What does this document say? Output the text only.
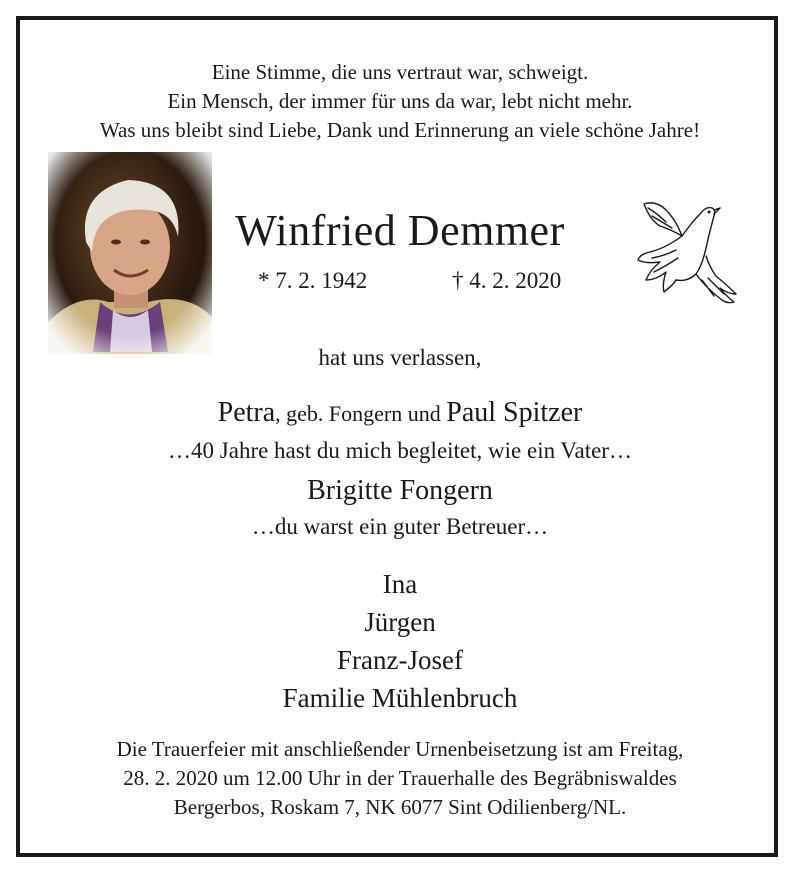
Eine Stimme, die uns vertraut war, schweigt.
Ein Mensch, der immer für uns da war, lebt nicht mehr.
Was uns bleibt sind Liebe, Dank und Erinnerung an viele schöne Jahre!
Winfried Demmer
* 7. 2. 1942	† 4. 2. 2020
hat uns verlassen,
Petra, geb. Fongern und Paul Spitzer
…40 Jahre hast du mich begleitet, wie ein Vater…
Brigitte Fongern
…du warst ein guter Betreuer…
Ina
Jürgen
Franz-Josef
Familie Mühlenbruch
Die Trauerfeier mit anschließender Urnenbeisetzung ist am Freitag,
28. 2. 2020 um 12.00 Uhr in der Trauerhalle des Begräbniswaldes
Bergerbos, Roskam 7, NK 6077 Sint Odilienberg/NL.
